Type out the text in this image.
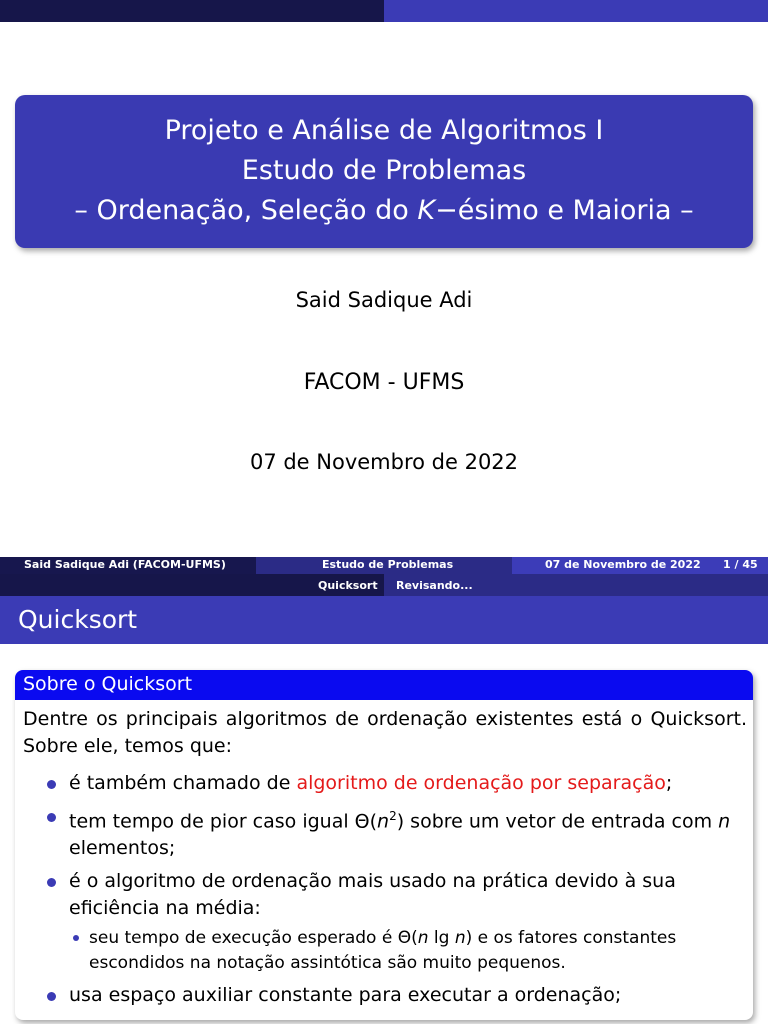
Projeto e Análise de Algoritmos I
Estudo de Problemas
– Ordenação, Seleção do K−ésimo e Maioria –
Said Sadique Adi
FACOM - UFMS
07 de Novembro de 2022
Said Sadique Adi (FACOM-UFMS)	Estudo de Problemas	07 de Novembro de 2022 1 / 45
Quicksort Revisando...
Quicksort
Sobre o Quicksort

Dentre os principais algoritmos de ordenação existentes está o Quicksort. Sobre ele, temos que:

é também chamado de algoritmo de ordenação por separação;
tem tempo de pior caso igual $\Theta(n^2)$ sobre um vetor de entrada com n elementos;
é o algoritmo de ordenação mais usado na prática devido à sua eficiência na média:
seu tempo de execução esperado é Θ(n lg n) e os fatores constantes escondidos na notação assintótica são muito pequenos.
usa espaço auxiliar constante para executar a ordenação;
